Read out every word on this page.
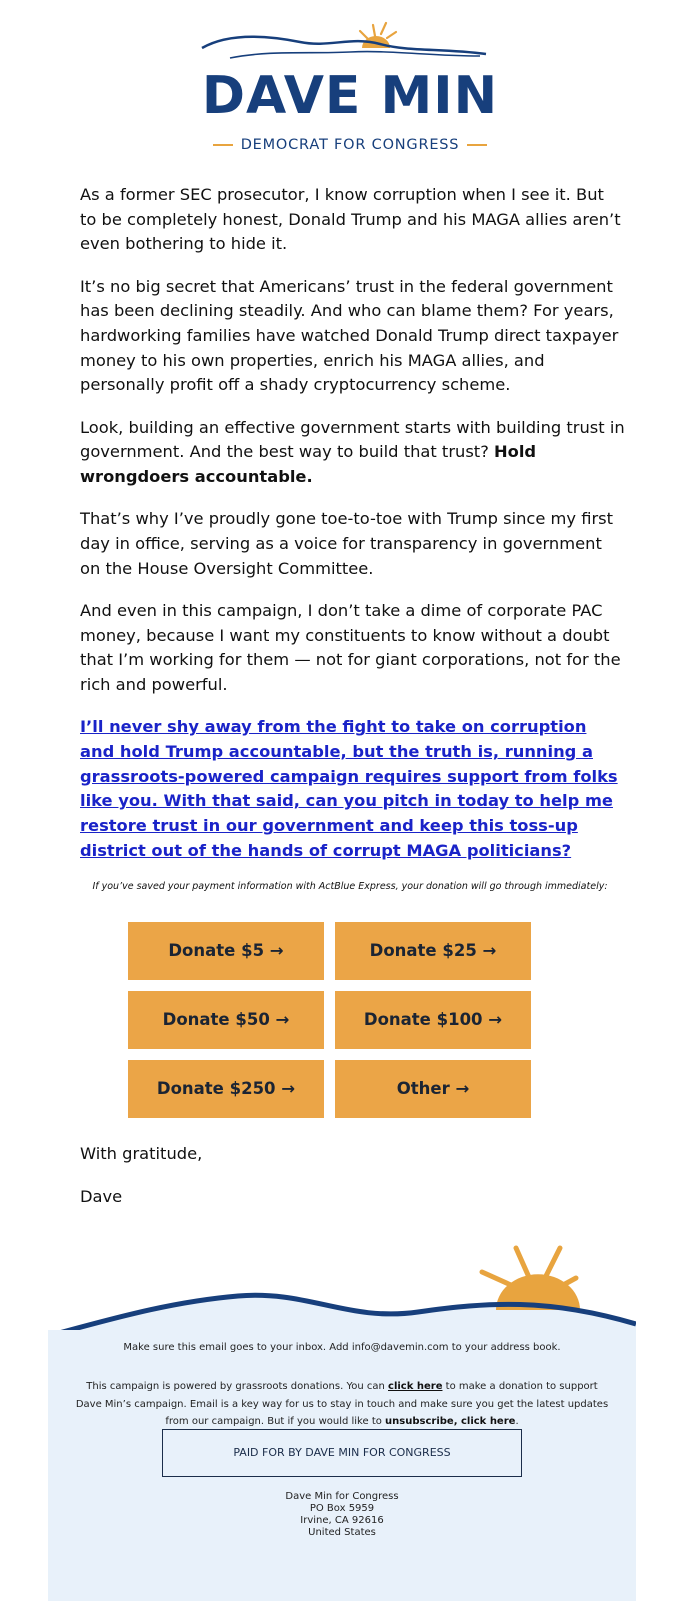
DAVE MIN
DEMOCRAT FOR CONGRESS

As a former SEC prosecutor, I know corruption when I see it. But to be completely honest, Donald Trump and his MAGA allies aren’t even bothering to hide it.

It’s no big secret that Americans’ trust in the federal government has been declining steadily. And who can blame them? For years, hardworking families have watched Donald Trump direct taxpayer money to his own properties, enrich his MAGA allies, and personally profit off a shady cryptocurrency scheme.

Look, building an effective government starts with building trust in government. And the best way to build that trust? Hold wrongdoers accountable.

That’s why I’ve proudly gone toe-to-toe with Trump since my first day in office, serving as a voice for transparency in government on the House Oversight Committee.

And even in this campaign, I don’t take a dime of corporate PAC money, because I want my constituents to know without a doubt that I’m working for them — not for giant corporations, not for the rich and powerful.

I’ll never shy away from the fight to take on corruption and hold Trump accountable, but the truth is, running a grassroots-powered campaign requires support from folks like you. With that said, can you pitch in today to help me restore trust in our government and keep this toss-up district out of the hands of corrupt MAGA politicians?
If you’ve saved your payment information with ActBlue Express, your donation will go through immediately:
Donate $5 →	Donate $25 →
Donate $50 →	Donate $100 →
Donate $250 →	Other →
With gratitude,
Dave
Make sure this email goes to your inbox. Add info@davemin.com to your address book.
This campaign is powered by grassroots donations. You can click here to make a donation to support Dave Min’s campaign. Email is a key way for us to stay in touch and make sure you get the latest updates from our campaign. But if you would like to unsubscribe, click here.
PAID FOR BY DAVE MIN FOR CONGRESS
Dave Min for Congress
PO Box 5959
Irvine, CA 92616
United States
